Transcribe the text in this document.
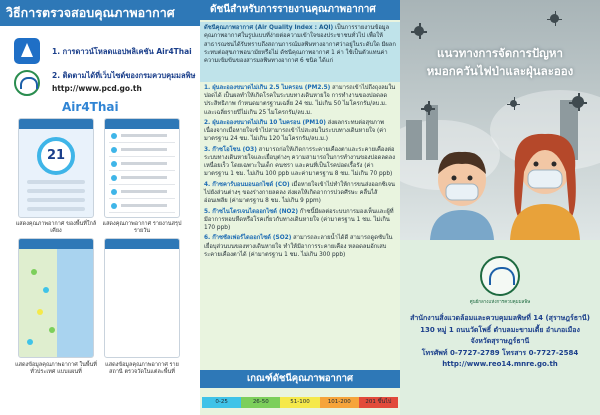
วิธีการตรวจสอบคุณภาพอากาศ
1. การดาวน์โหลดแอปพลิเคชัน Air4Thai
2. ติดตามได้ที่เว็บไซต์ของกรมควบคุมมลพิษ
http://www.pcd.go.th
Air4Thai
21
แสดงคุณภาพอากาศ ของพื้นที่ใกล้เคียง
แสดงคุณภาพอากาศ รายงานสรุปรายวัน
แสดงข้อมูลคุณภาพอากาศ ในพื้นที่ทั่วประเทศ แบบแผนที่
แสดงข้อมูลคุณภาพอากาศ รายสถานี ตรวจวัดในแต่ละพื้นที่
ดัชนีสำหรับการรายงานคุณภาพอากาศ
ดัชนีคุณภาพอากาศ (Air Quality Index : AQI) เป็นการรายงานข้อมูลคุณภาพอากาศในรูปแบบที่ง่ายต่อความเข้าใจของประชาชนทั่วไป เพื่อให้สาธารณชนได้รับทราบถึงสถานการณ์มลพิษทางอากาศว่าอยู่ในระดับใด มีผลกระทบต่อสุขภาพอนามัยหรือไม่ ดัชนีคุณภาพอากาศ 1 ค่า ใช้เป็นตัวแทนค่าความเข้มข้นของสารมลพิษทางอากาศ 6 ชนิด ได้แก่
1. ฝุ่นละอองขนาดไม่เกิน 2.5 ไมครอน (PM2.5) สามารถเข้าไปถึงถุงลมในปอดได้ เป็นผลทำให้เกิดโรคในระบบทางเดินหายใจ การทำงานของปอดลดประสิทธิภาพ กำหนดมาตรฐานเฉลี่ย 24 ชม. ไม่เกิน 50 ไมโครกรัม/ลบ.ม. และเฉลี่ยรายปีไม่เกิน 25 ไมโครกรัม/ลบ.ม.
2. ฝุ่นละอองขนาดไม่เกิน 10 ไมครอน (PM10) ส่งผลกระทบต่อสุขภาพเนื่องจากเมื่อหายใจเข้าไปสามารถเข้าไปสะสมในระบบทางเดินหายใจ (ค่ามาตรฐาน 24 ชม. ไม่เกิน 120 ไมโครกรัม/ลบ.ม.)
3. ก๊าซโอโซน (O3) สามารถก่อให้เกิดการระคายเคืองตาและระคายเคืองต่อระบบทางเดินหายใจและเยื่อบุต่างๆ ความสามารถในการทำงานของปอดลดลง เหนื่อยเร็ว โดยเฉพาะในเด็ก คนชรา และคนที่เป็นโรคปอดเรื้อรัง (ค่ามาตรฐาน 1 ชม. ไม่เกิน 100 ppb และค่ามาตรฐาน 8 ชม. ไม่เกิน 70 ppb)
4. ก๊าซคาร์บอนมอนอกไซด์ (CO) เมื่อหายใจเข้าไปทำให้การขนส่งออกซิเจนไปยังส่วนต่างๆ ของร่างกายลดลง ส่งผลให้เกิดอาการปวดศีรษะ คลื่นไส้ อ่อนเพลีย (ค่ามาตรฐาน 8 ชม. ไม่เกิน 9 ppm)
5. ก๊าซไนโตรเจนไดออกไซด์ (NO2) ก๊าซนี้มีผลต่อระบบการมองเห็นและผู้ที่มีอาการหอบหืดหรือโรคเกี่ยวกับทางเดินหายใจ (ค่ามาตรฐาน 1 ชม. ไม่เกิน 170 ppb)
6. ก๊าซซัลเฟอร์ไดออกไซด์ (SO2) สามารถละลายน้ำได้ดี สามารถดูดซับในเยื่อบุส่วนบนของทางเดินหายใจ ทำให้มีอาการระคายเคือง หลอดลมอักเสบ ระคายเคืองตาได้ (ค่ามาตรฐาน 1 ชม. ไม่เกิน 300 ppb)
เกณฑ์ดัชนีคุณภาพอากาศ
0-25	26-50	51-100	101-200	201 ขึ้นไป
แนวทางการจัดการปัญหา
หมอกควันไฟป่าและฝุ่นละออง
ศูนย์กลางแห่งการควบคุมมลพิษ
สำนักงานสิ่งแวดล้อมและควบคุมมลพิษที่ 14 (สุราษฎร์ธานี)
130 หมู่ 1 ถนนวัดโพธิ์ ตำบลมะขามเตี้ย อำเภอเมือง
จังหวัดสุราษฎร์ธานี
โทรศัพท์ 0-7727-2789 โทรสาร 0-7727-2584
http://www.reo14.mnre.go.th
